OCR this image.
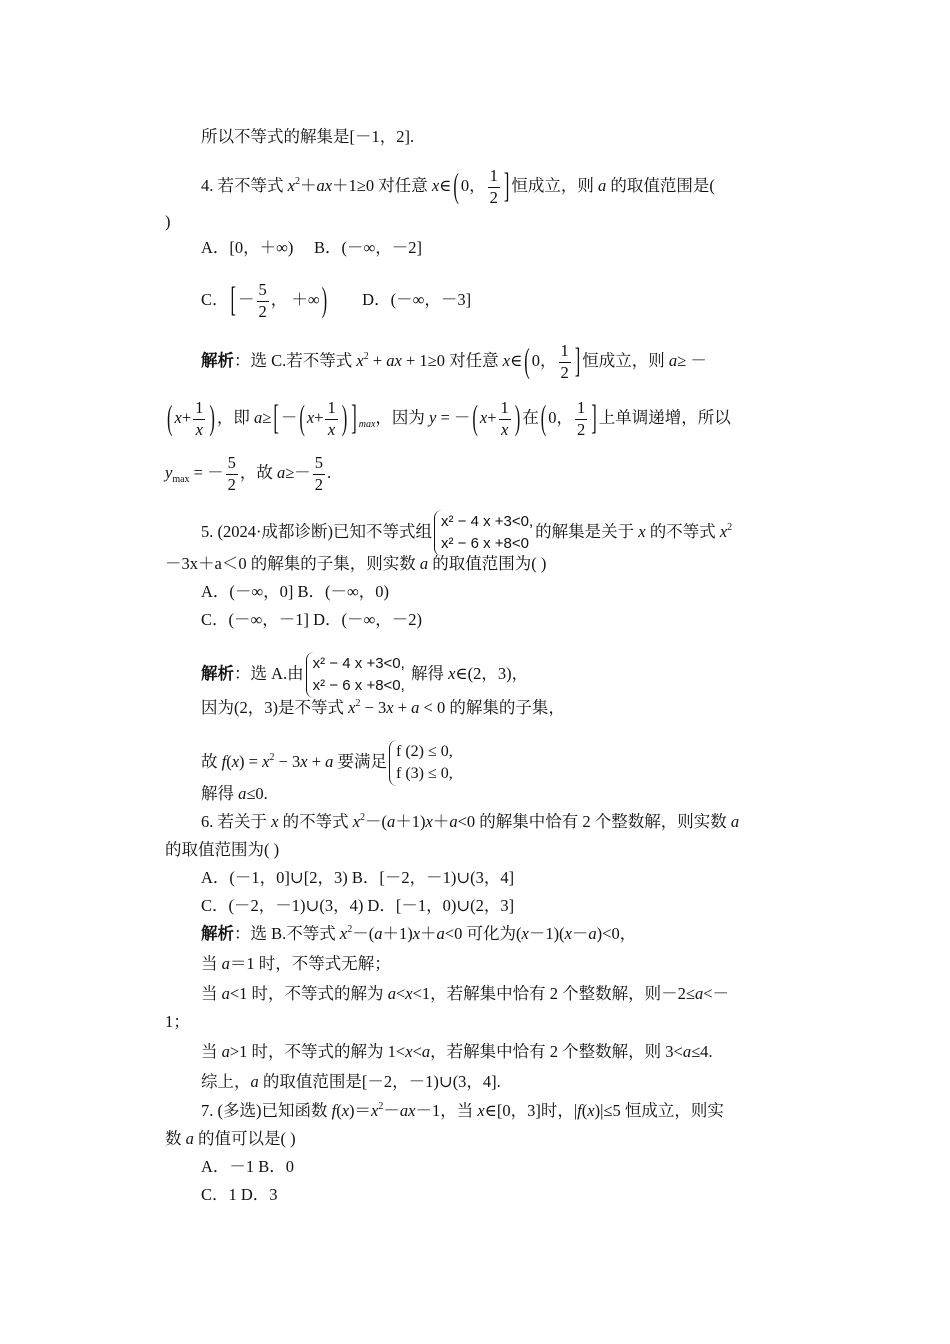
所以不等式的解集是[－1，2].
4. 若不等式 $x^2+ax+1\ge 0$ 对任意 x∈ ( 0， $\frac{1}{2}$ ] 恒成立，则 a 的取值范围是(
)
A．[0，＋∞) B．(－∞，－2]
C． [ － $\frac{5}{2}$ ， ＋∞ ) D．(－∞，－3]
解析：选 C.若不等式 $x^2$ + ax + 1≥0 对任意 x∈ ( 0， $\frac{1}{2}$ ] 恒成立，则 a≥ －
( $x+ \frac{1}{x}$ ) ，即 a≥ [ － ( $x+ \frac{1}{x}$ ) ] $_{max}$，因为 y = － ( $x+ \frac{1}{x}$ ) 在 ( 0， $\frac{1}{2}$ ] 上单调递增，所以
$y_{max}$ = － $\frac{5}{2}$ ，故 $a\ge- \frac{5}{2}$ .
5. (2024·成都诊断)已知不等式组
x² − 4 x +3<0,
x² − 6 x +8<0
的解集是关于 x 的不等式 $x^2$
－3x＋a＜0 的解集的子集，则实数 a 的取值范围为( )
A．(－∞，0] B．(－∞，0)
C．(－∞，－1] D．(－∞，－2)
解析：选 A.由
x² − 4 x +3<0,
x² − 6 x +8<0,
解得 x∈(2，3)，
因为(2，3)是不等式 $x^2 - 3x + a < 0$ 的解集的子集，
故 $f(x) = x^2 - 3x + a$ 要满足
f (2) ≤ 0,
f (3) ≤ 0,
解得 a≤0.
6. 若关于 x 的不等式 $x^2-(a+1)x+a<0$ 的解集中恰有 2 个整数解，则实数 a
的取值范围为( )
A．(－1，0]∪[2，3) B．[－2，－1)∪(3，4]
C．(－2，－1)∪(3，4) D．[－1，0)∪(2，3]
解析：选 B.不等式 $x^2-(a+1)x+a<0$ 可化为(x－1)(x－a)<0，
当 a＝1 时，不等式无解；
当 a<1 时，不等式的解为 a<x<1，若解集中恰有 2 个整数解，则－2≤a<－
1；
当 a>1 时，不等式的解为 1<x<a，若解集中恰有 2 个整数解，则 3<a≤4.
综上，a 的取值范围是[－2，－1)∪(3，4].
7. (多选)已知函数 $f(x)=x^2-ax-1$，当 x∈[0，3]时，|f(x)|≤5 恒成立，则实
数 a 的值可以是( )
A．－1 B．0
C．1 D．3
